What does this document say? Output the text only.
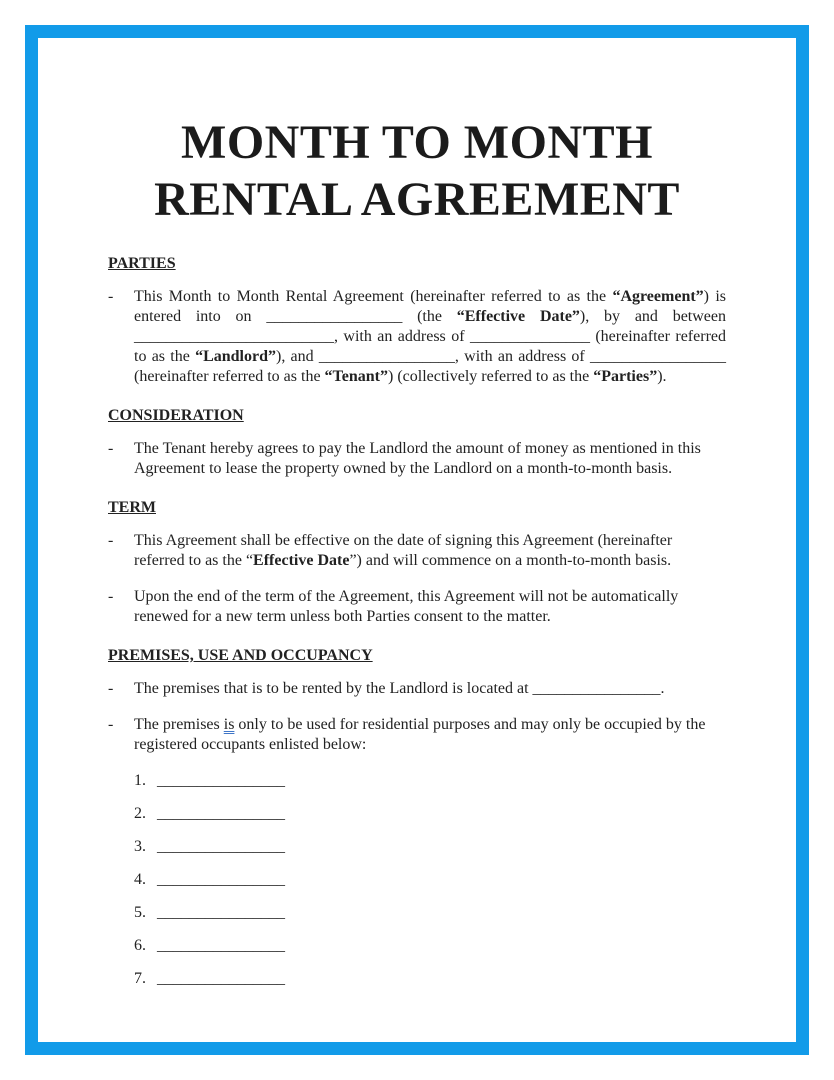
MONTH TO MONTH
RENTAL AGREEMENT
PARTIES
-	This Month to Month Rental Agreement (hereinafter referred to as the “Agreement”) is entered into on _________________ (the “Effective Date”), by and between _________________________, with an address of _______________ (hereinafter referred to as the “Landlord”), and _________________, with an address of _________________ (hereinafter referred to as the “Tenant”) (collectively referred to as the “Parties”).
CONSIDERATION
-	The Tenant hereby agrees to pay the Landlord the amount of money as mentioned in this Agreement to lease the property owned by the Landlord on a month-to-month basis.
TERM
-	This Agreement shall be effective on the date of signing this Agreement (hereinafter referred to as the “Effective Date”) and will commence on a month-to-month basis.
-	Upon the end of the term of the Agreement, this Agreement will not be automatically renewed for a new term unless both Parties consent to the matter.
PREMISES, USE AND OCCUPANCY
-	The premises that is to be rented by the Landlord is located at ________________.
-	The premises is only to be used for residential purposes and may only be occupied by the registered occupants enlisted below:
1. ________________
2. ________________
3. ________________
4. ________________
5. ________________
6. ________________
7. ________________
